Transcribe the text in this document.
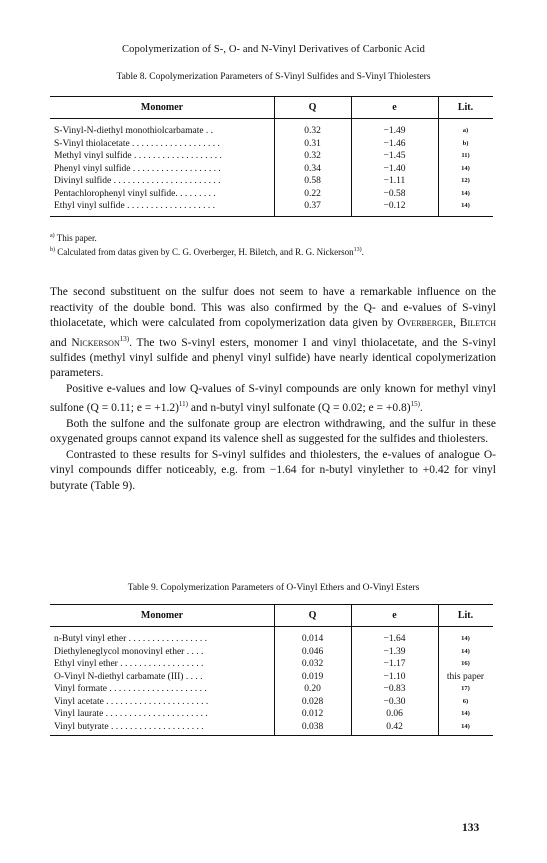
Copolymerization of S-, O- and N-Vinyl Derivatives of Carbonic Acid
Table 8. Copolymerization Parameters of S-Vinyl Sulfides and S-Vinyl Thiolesters
Monomer	Q	e	Lit.
S-Vinyl-N-diethyl monothiolcarbamate . .	0.32	−1.49	a)
S-Vinyl thiolacetate . . . . . . . . . . . . . . . . . . .	0.31	−1.46	b)
Methyl vinyl sulfide . . . . . . . . . . . . . . . . . . .	0.32	−1.45	11)
Phenyl vinyl sulfide . . . . . . . . . . . . . . . . . . .	0.34	−1.40	14)
Divinyl sulfide . . . . . . . . . . . . . . . . . . . . . . .	0.58	−1.11	12)
Pentachlorophenyl vinyl sulfide. . . . . . . . .	0.22	−0.58	14)
Ethyl vinyl sulfide . . . . . . . . . . . . . . . . . . .	0.37	−0.12	14)
$^{a)}$ This paper.
$^{b)}$ Calculated from datas given by C. G. Overberger, H. Biletch, and R. G. Nickerson$^{13)}$.

The second substituent on the sulfur does not seem to have a remarkable influence on the reactivity of the double bond. This was also confirmed by the Q- and e-values of S-vinyl thiolacetate, which were calculated from copolymerization data given by Overberger, Biletch and Nickerson$^{13)}$. The two S-vinyl esters, monomer I and vinyl thiolacetate, and the S-vinyl sulfides (methyl vinyl sulfide and phenyl vinyl sulfide) have nearly identical copolymerization parameters.

Positive e-values and low Q-values of S-vinyl compounds are only known for methyl vinyl sulfone (Q = 0.11; e = +1.2)$^{11)}$ and n-butyl vinyl sulfonate (Q = 0.02; e = +0.8)$^{15)}$.

Both the sulfone and the sulfonate group are electron withdrawing, and the sulfur in these oxygenated groups cannot expand its valence shell as suggested for the sulfides and thiolesters.

Contrasted to these results for S-vinyl sulfides and thiolesters, the e-values of analogue O-vinyl compounds differ noticeably, e.g. from −1.64 for n-butyl vinylether to +0.42 for vinyl butyrate (Table 9).

Table 9. Copolymerization Parameters of O-Vinyl Ethers and O-Vinyl Esters
Monomer	Q	e	Lit.
n-Butyl vinyl ether . . . . . . . . . . . . . . . . .	0.014	−1.64	14)
Diethyleneglycol monovinyl ether . . . .	0.046	−1.39	14)
Ethyl vinyl ether . . . . . . . . . . . . . . . . . .	0.032	−1.17	16)
O-Vinyl N-diethyl carbamate (III) . . . .	0.019	−1.10	this paper
Vinyl formate . . . . . . . . . . . . . . . . . . . . .	0.20	−0.83	17)
Vinyl acetate . . . . . . . . . . . . . . . . . . . . . .	0.028	−0.30	6)
Vinyl laurate . . . . . . . . . . . . . . . . . . . . . .	0.012	0.06	14)
Vinyl butyrate . . . . . . . . . . . . . . . . . . . .	0.038	0.42	14)
133
